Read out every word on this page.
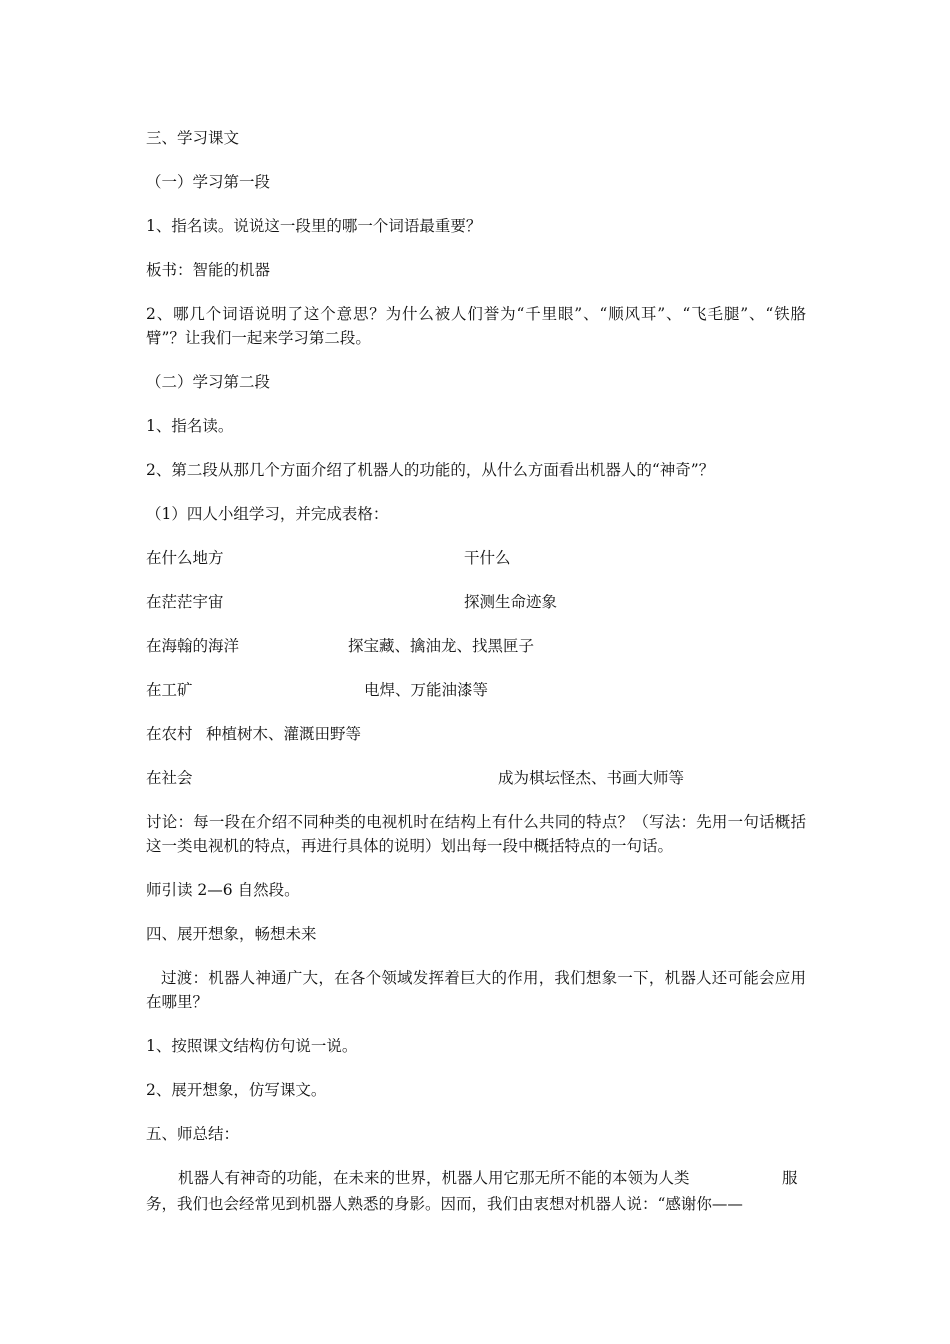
三、学习课文
（一）学习第一段
1、指名读。说说这一段里的哪一个词语最重要？
板书：智能的机器
2、哪几个词语说明了这个意思？为什么被人们誉为“千里眼”、“顺风耳”、“飞毛腿”、“铁胳臂”？让我们一起来学习第二段。
（二）学习第二段
1、指名读。
2、第二段从那几个方面介绍了机器人的功能的，从什么方面看出机器人的“神奇”？
（1）四人小组学习，并完成表格：
在什么地方	干什么
在茫茫宇宙	探测生命迹象
在海翰的海洋	探宝藏、擒油龙、找黑匣子
在工矿	电焊、万能油漆等
在农村 种植树木、灌溉田野等
在社会	成为棋坛怪杰、书画大师等
讨论：每一段在介绍不同种类的电视机时在结构上有什么共同的特点？（写法：先用一句话概括这一类电视机的特点，再进行具体的说明）划出每一段中概括特点的一句话。
师引读 2—6 自然段。
四、展开想象，畅想未来
过渡：机器人神通广大，在各个领域发挥着巨大的作用，我们想象一下，机器人还可能会应用在哪里？
1、按照课文结构仿句说一说。
2、展开想象，仿写课文。
五、师总结：
机器人有神奇的功能，在未来的世界，机器人用它那无所不能的本领为人类	服
务，我们也会经常见到机器人熟悉的身影。因而，我们由衷想对机器人说：“感谢你——
